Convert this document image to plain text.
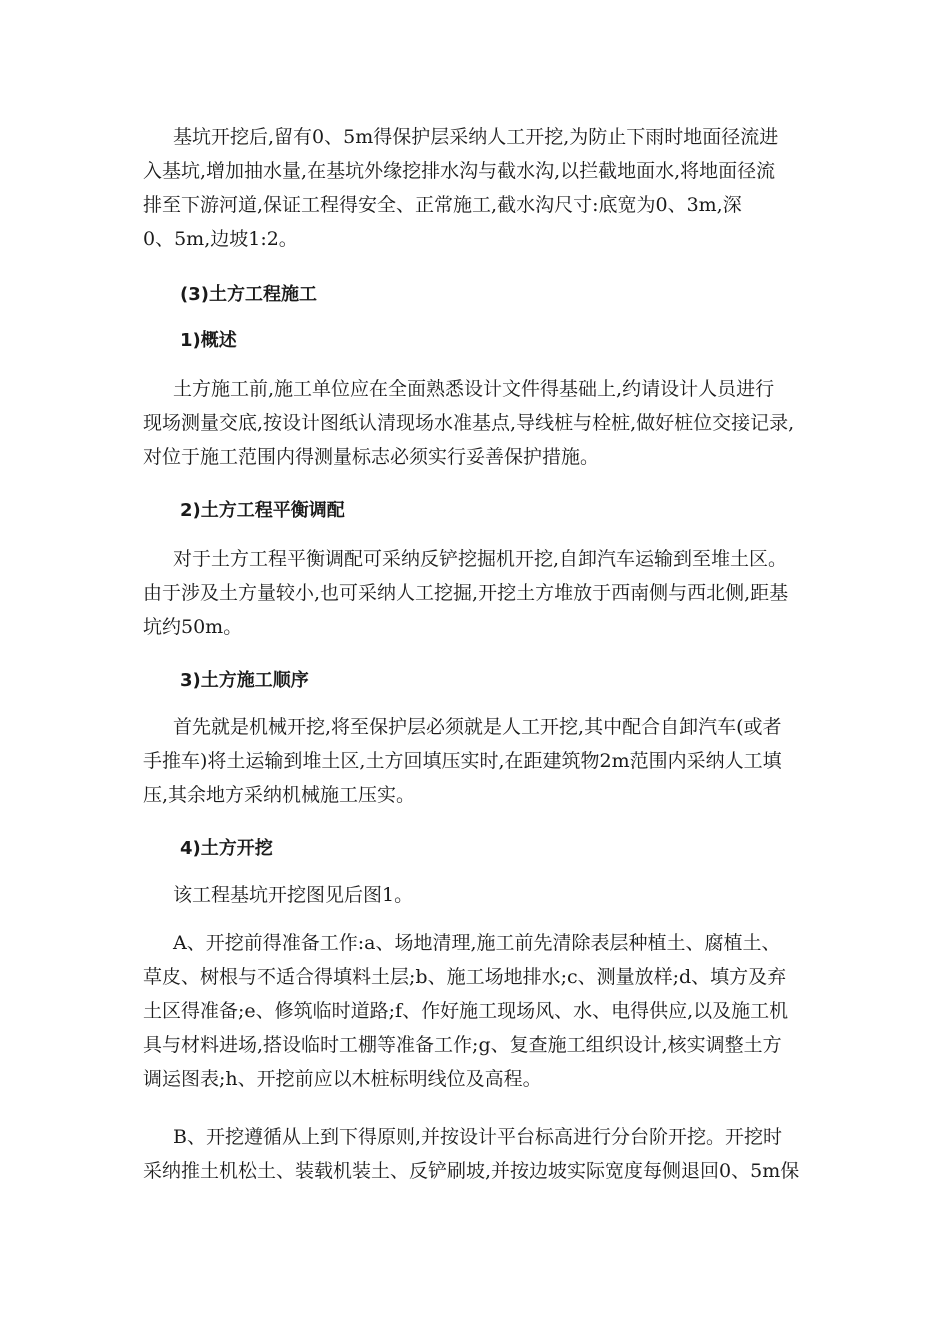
基坑开挖后,留有0、5m得保护层采纳人工开挖,为防止下雨时地面径流进
入基坑,增加抽水量,在基坑外缘挖排水沟与截水沟,以拦截地面水,将地面径流
排至下游河道,保证工程得安全、正常施工,截水沟尺寸:底宽为0、3m,深
0、5m,边坡1:2。
(3)土方工程施工
1)概述
土方施工前,施工单位应在全面熟悉设计文件得基础上,约请设计人员进行
现场测量交底,按设计图纸认清现场水准基点,导线桩与栓桩,做好桩位交接记录,
对位于施工范围内得测量标志必须实行妥善保护措施。
2)土方工程平衡调配
对于土方工程平衡调配可采纳反铲挖掘机开挖,自卸汽车运输到至堆土区。
由于涉及土方量较小,也可采纳人工挖掘,开挖土方堆放于西南侧与西北侧,距基
坑约50m。
3)土方施工顺序
首先就是机械开挖,将至保护层必须就是人工开挖,其中配合自卸汽车(或者
手推车)将土运输到堆土区,土方回填压实时,在距建筑物2m范围内采纳人工填
压,其余地方采纳机械施工压实。
4)土方开挖
该工程基坑开挖图见后图1。
A、开挖前得准备工作:a、场地清理,施工前先清除表层种植土、腐植土、
草皮、树根与不适合得填料土层;b、施工场地排水;c、测量放样;d、填方及弃
土区得准备;e、修筑临时道路;f、作好施工现场风、水、电得供应,以及施工机
具与材料进场,搭设临时工棚等准备工作;g、复查施工组织设计,核实调整土方
调运图表;h、开挖前应以木桩标明线位及高程。
B、开挖遵循从上到下得原则,并按设计平台标高进行分台阶开挖。开挖时
采纳推土机松土、装载机装土、反铲刷坡,并按边坡实际宽度每侧退回0、5m保
